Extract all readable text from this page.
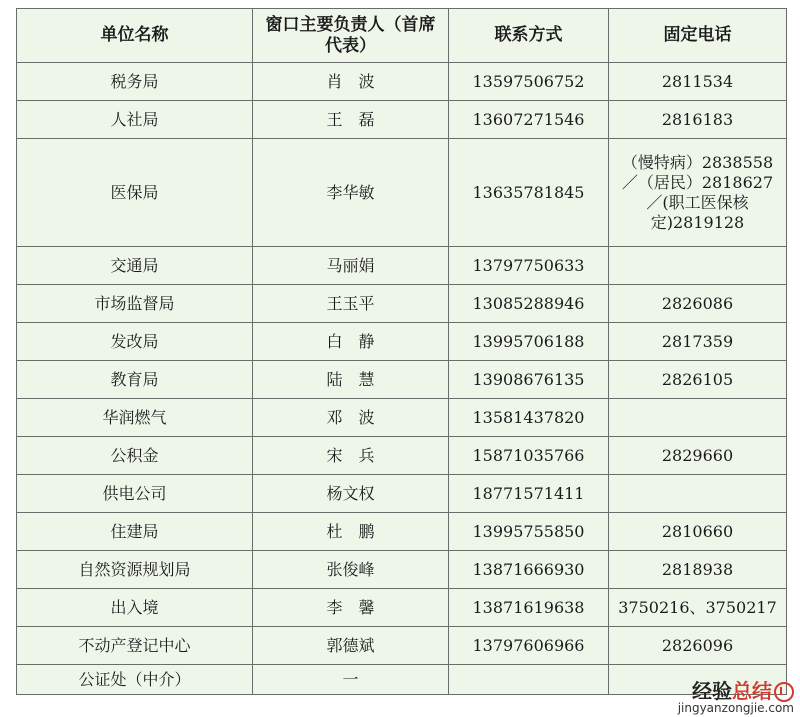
单位名称	窗口主要负责人（首席代表）	联系方式	固定电话
税务局	肖　波	13597506752	2811534
人社局	王　磊	13607271546	2816183
医保局	李华敏	13635781845	（慢特病）2838558／（居民）2818627／(职工医保核定)2819128
交通局	马丽娟	13797750633	
市场监督局	王玉平	13085288946	2826086
发改局	白　静	13995706188	2817359
教育局	陆　慧	13908676135	2826105
华润燃气	邓　波	13581437820	
公积金	宋　兵	15871035766	2829660
供电公司	杨文权	18771571411	
住建局	杜　鹏	13995755850	2810660
自然资源规划局	张俊峰	13871666930	2818938
出入境	李　馨	13871619638	3750216、3750217
不动产登记中心	郭德斌	13797606966	2826096
公证处（中介）	一			经验总结
jingyanzongjie.com
